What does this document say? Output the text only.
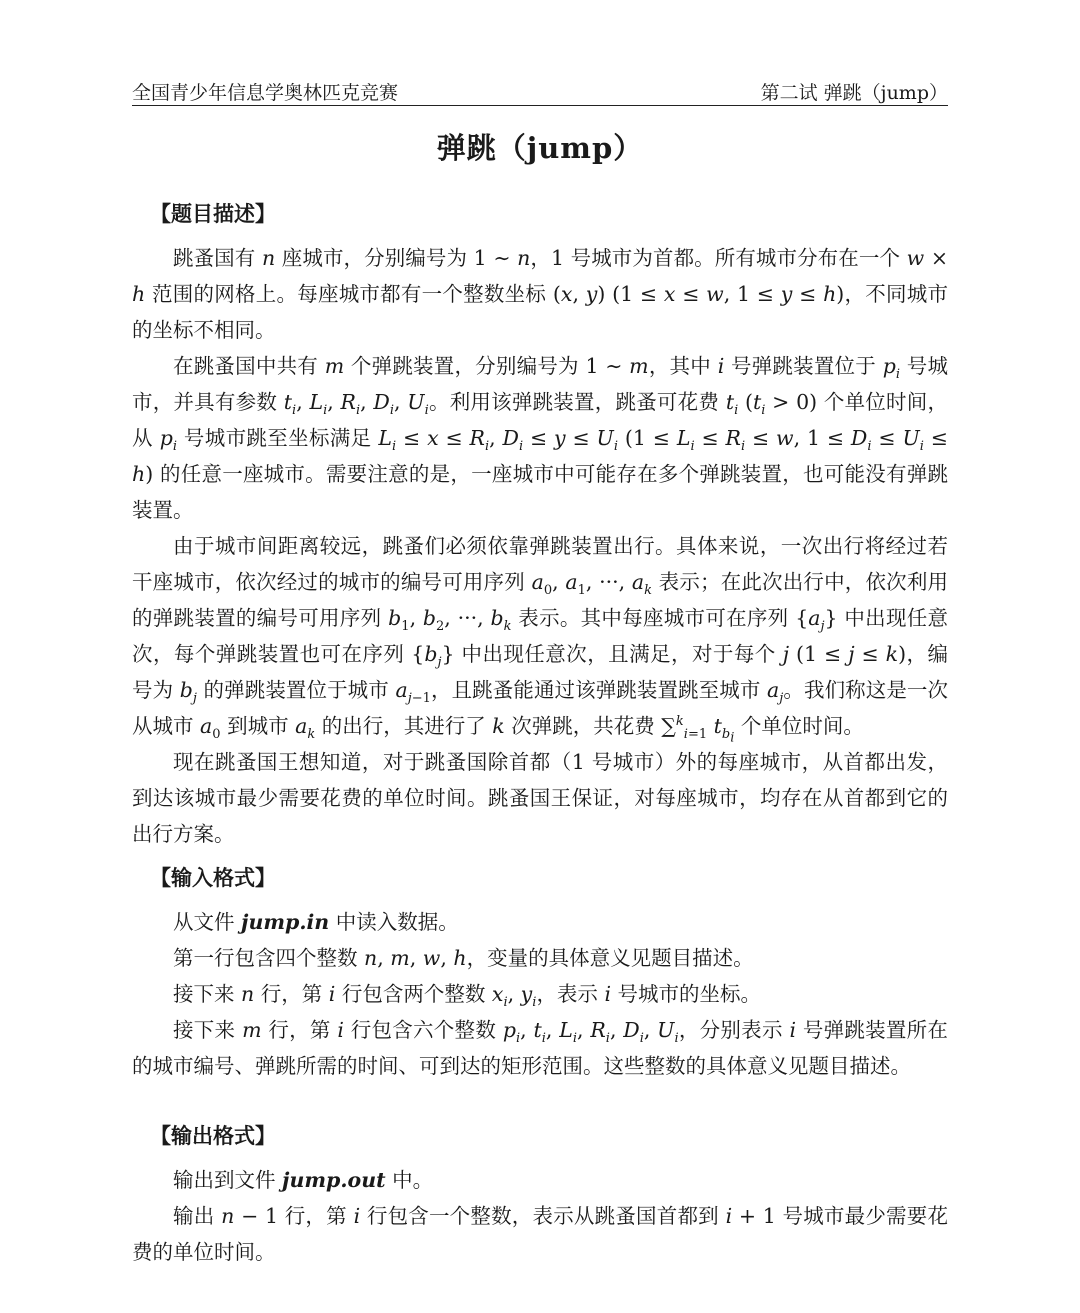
全国青少年信息学奥林匹克竞赛	第二试 弹跳（jump）
弹跳（jump）
【题目描述】

跳蚤国有 n 座城市，分别编号为 1 ∼ n，1 号城市为首都。所有城市分布在一个 w × h 范围的网格上。每座城市都有一个整数坐标 (x, y) (1 ≤ x ≤ w, 1 ≤ y ≤ h)，不同城市的坐标不相同。

在跳蚤国中共有 m 个弹跳装置，分别编号为 1 ∼ m，其中 i 号弹跳装置位于 $p_i$ 号城市，并具有参数 $t_i$, $L_i$, $R_i$, $D_i$, $U_i$。利用该弹跳装置，跳蚤可花费 $t_i$ $(t_i > 0)$ 个单位时间，从 $p_i$ 号城市跳至坐标满足 $L_i \le x \le R_i$, $D_i \le y \le U_i$ ($1 \le L_i \le R_i \le w$, $1 \le D_i \le U_i \le h$) 的任意一座城市。需要注意的是，一座城市中可能存在多个弹跳装置，也可能没有弹跳装置。

由于城市间距离较远，跳蚤们必须依靠弹跳装置出行。具体来说，一次出行将经过若干座城市，依次经过的城市的编号可用序列 $a_0$, $a_1$, ···, $a_k$ 表示；在此次出行中，依次利用的弹跳装置的编号可用序列 $b_1$, $b_2$, ···, $b_k$ 表示。其中每座城市可在序列 $\{a_j\}$ 中出现任意次，每个弹跳装置也可在序列 $\{b_j\}$ 中出现任意次，且满足，对于每个 j (1 ≤ j ≤ k)，编号为 $b_j$ 的弹跳装置位于城市 $a_{j-1}$，且跳蚤能通过该弹跳装置跳至城市 $a_j$。我们称这是一次从城市 $a_0$ 到城市 $a_k$ 的出行，其进行了 k 次弹跳，共花费 ∑$^k_{i=1}$ $t_{b_i}$ 个单位时间。

现在跳蚤国王想知道，对于跳蚤国除首都（1 号城市）外的每座城市，从首都出发，到达该城市最少需要花费的单位时间。跳蚤国王保证，对每座城市，均存在从首都到它的出行方案。

【输入格式】

从文件 jump.in 中读入数据。

第一行包含四个整数 n, m, w, h，变量的具体意义见题目描述。

接下来 n 行，第 i 行包含两个整数 $x_i$, $y_i$，表示 i 号城市的坐标。

接下来 m 行，第 i 行包含六个整数 $p_i$, $t_i$, $L_i$, $R_i$, $D_i$, $U_i$，分别表示 i 号弹跳装置所在的城市编号、弹跳所需的时间、可到达的矩形范围。这些整数的具体意义见题目描述。

【输出格式】

输出到文件 jump.out 中。

输出 n − 1 行，第 i 行包含一个整数，表示从跳蚤国首都到 i + 1 号城市最少需要花费的单位时间。
